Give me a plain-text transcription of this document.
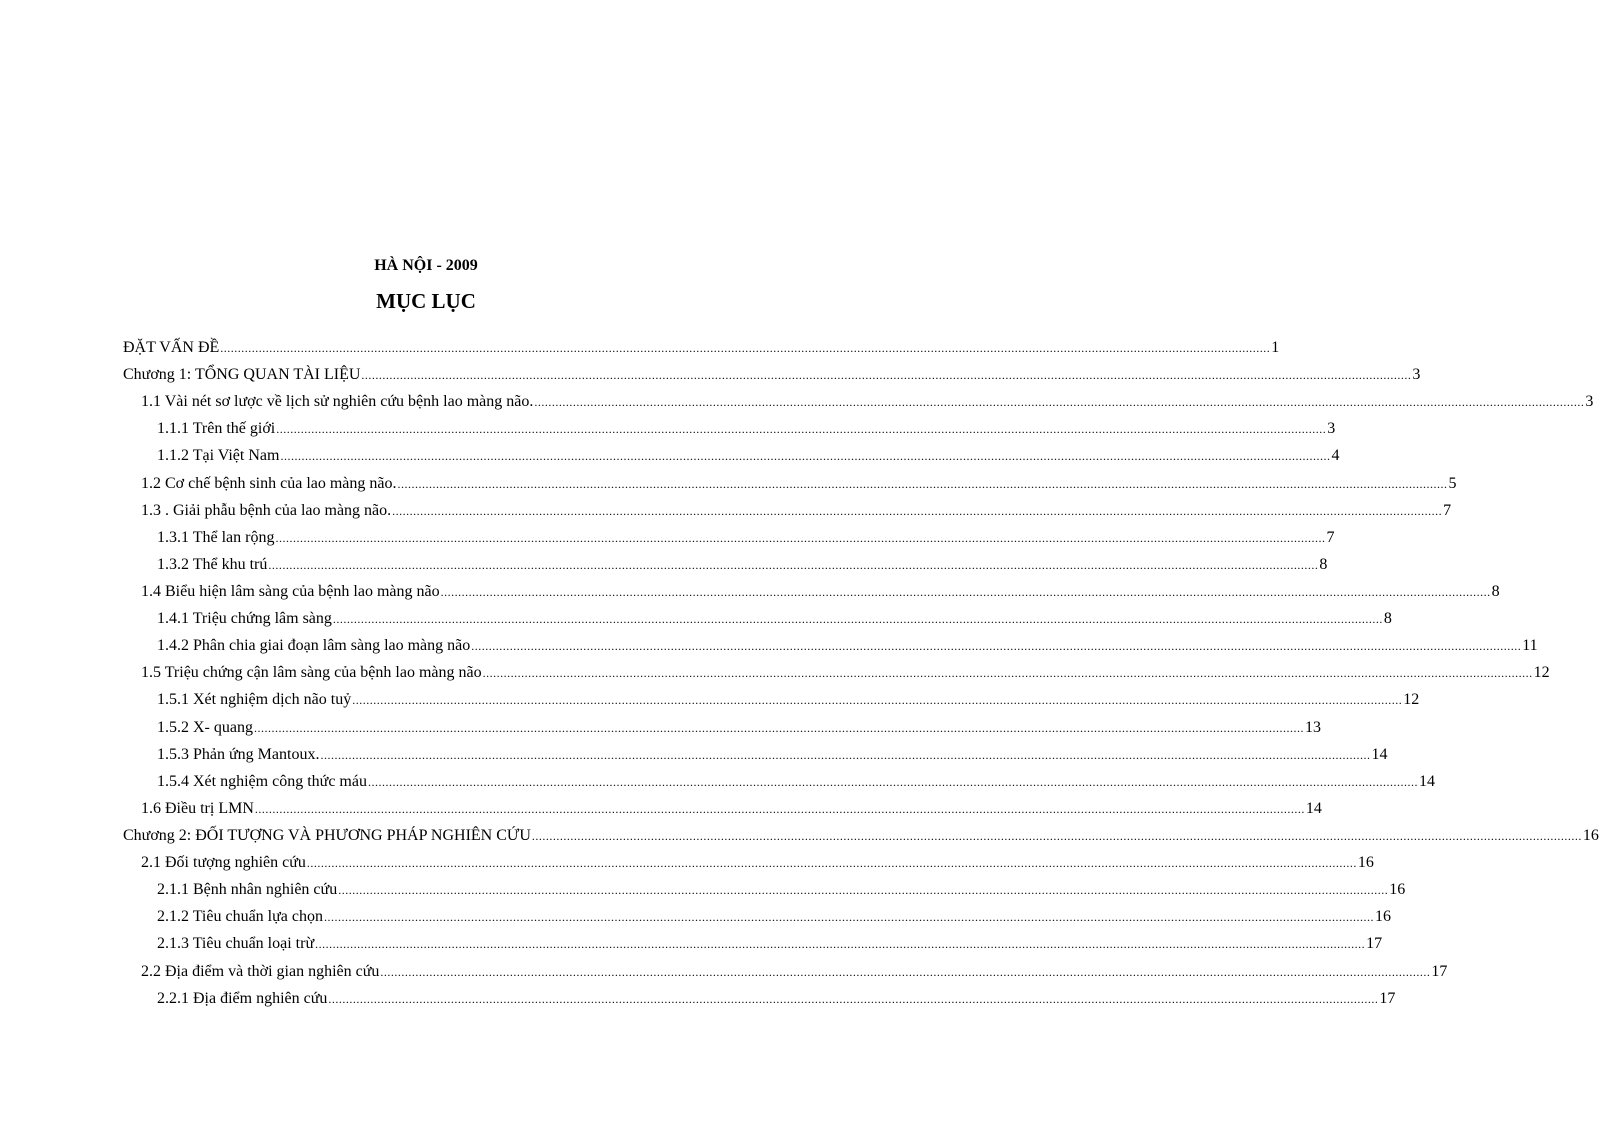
HÀ NỘI - 2009
MỤC LỤC
ĐẶT VẤN ĐỀ ............................................................................................................................................................................................................................................................................................................ 1
Chương 1: TỔNG QUAN TÀI LIỆU ............................................................................................................................................................................................................................................................................................................ 3
1.1 Vài nét sơ lược về lịch sử nghiên cứu bệnh lao màng não. ............................................................................................................................................................................................................................................................................................................ 3
1.1.1 Trên thế giới ............................................................................................................................................................................................................................................................................................................ 3
1.1.2 Tại Việt Nam ............................................................................................................................................................................................................................................................................................................ 4
1.2 Cơ chế bệnh sinh của lao màng não. ............................................................................................................................................................................................................................................................................................................ 5
1.3 . Giải phẫu bệnh của lao màng não. ............................................................................................................................................................................................................................................................................................................ 7
1.3.1 Thể lan rộng ............................................................................................................................................................................................................................................................................................................ 7
1.3.2 Thể khu trú ............................................................................................................................................................................................................................................................................................................ 8
1.4 Biểu hiện lâm sàng của bệnh lao màng não ............................................................................................................................................................................................................................................................................................................ 8
1.4.1 Triệu chứng lâm sàng ............................................................................................................................................................................................................................................................................................................ 8
1.4.2 Phân chia giai đoạn lâm sàng lao màng não ............................................................................................................................................................................................................................................................................................................ 11
1.5 Triệu chứng cận lâm sàng của bệnh lao màng não ............................................................................................................................................................................................................................................................................................................ 12
1.5.1 Xét nghiệm dịch não tuỷ ............................................................................................................................................................................................................................................................................................................ 12
1.5.2 X- quang ............................................................................................................................................................................................................................................................................................................ 13
1.5.3 Phản ứng Mantoux. ............................................................................................................................................................................................................................................................................................................ 14
1.5.4 Xét nghiệm công thức máu ............................................................................................................................................................................................................................................................................................................ 14
1.6 Điều trị LMN ............................................................................................................................................................................................................................................................................................................ 14
Chương 2: ĐỐI TƯỢNG VÀ PHƯƠNG PHÁP NGHIÊN CỨU ............................................................................................................................................................................................................................................................................................................ 16
2.1 Đối tượng nghiên cứu ............................................................................................................................................................................................................................................................................................................ 16
2.1.1 Bệnh nhân nghiên cứu ............................................................................................................................................................................................................................................................................................................ 16
2.1.2 Tiêu chuẩn lựa chọn ............................................................................................................................................................................................................................................................................................................ 16
2.1.3 Tiêu chuẩn loại trừ ............................................................................................................................................................................................................................................................................................................ 17
2.2 Địa điểm và thời gian nghiên cứu ............................................................................................................................................................................................................................................................................................................ 17
2.2.1 Địa điểm nghiên cứu ............................................................................................................................................................................................................................................................................................................ 17
